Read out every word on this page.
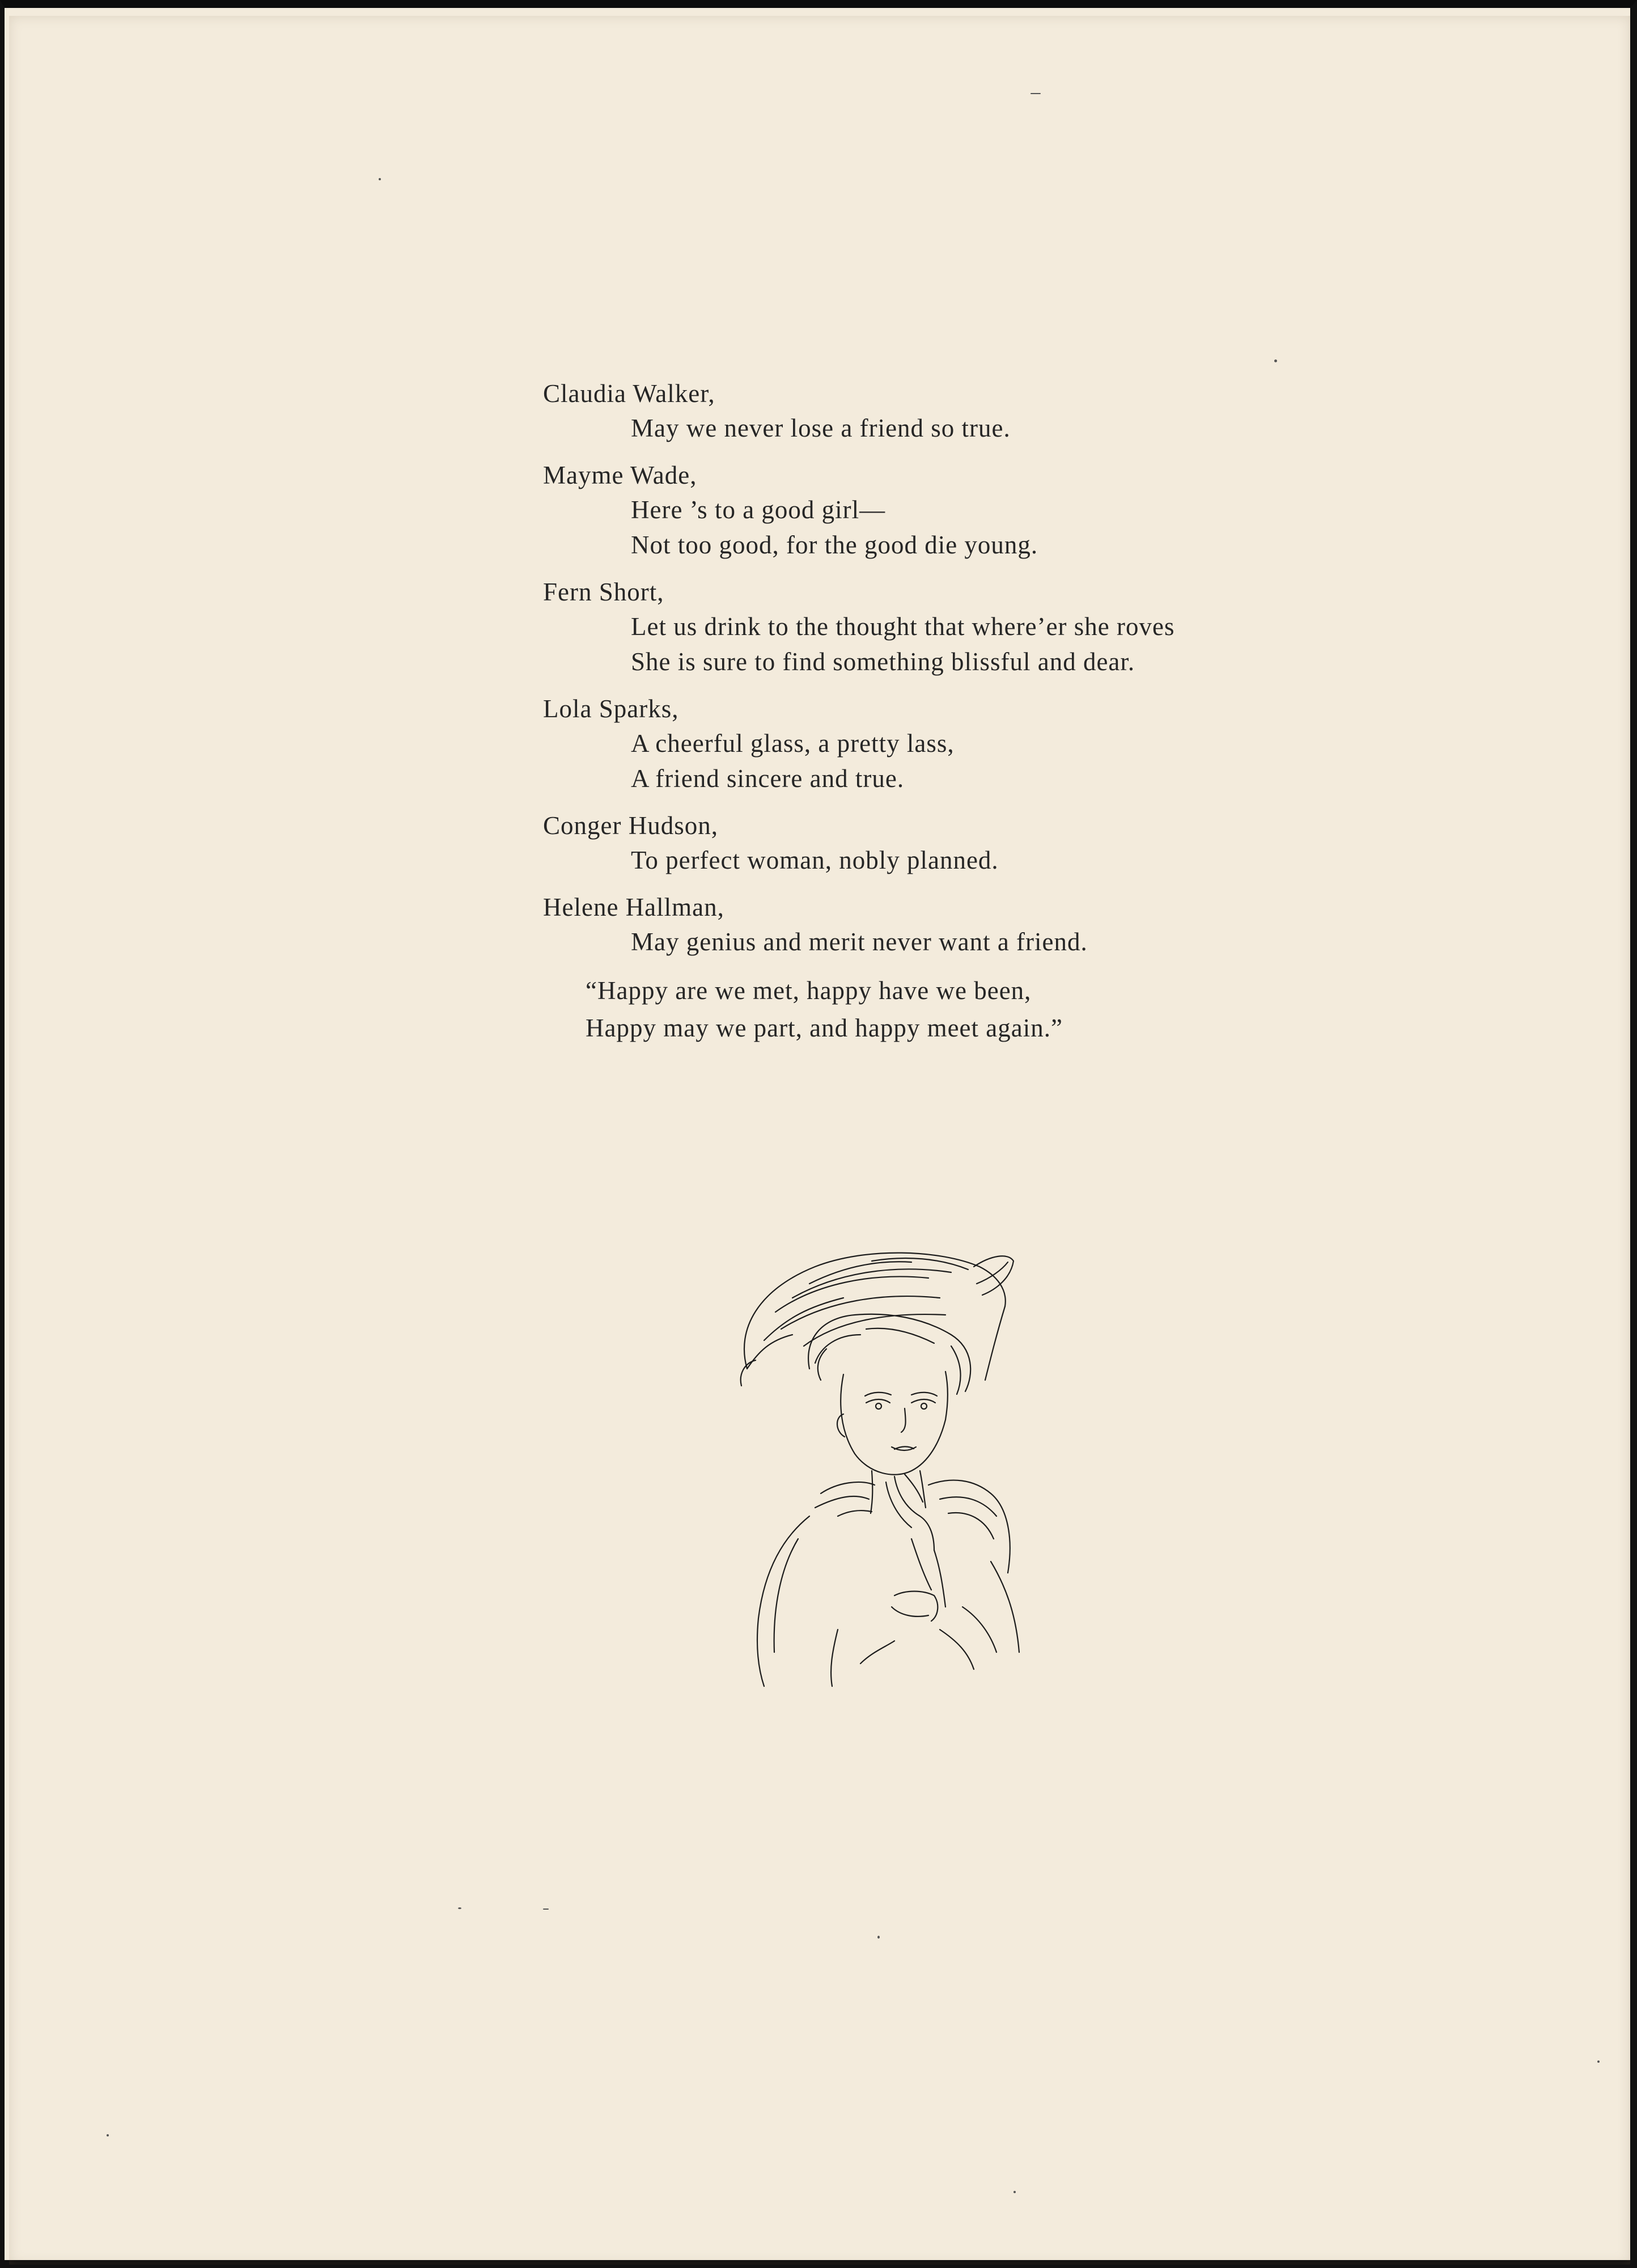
Claudia Walker,
May we never lose a friend so true.
Mayme Wade,
Here ’s to a good girl—
Not too good, for the good die young.
Fern Short,
Let us drink to the thought that where’er she roves
She is sure to find something blissful and dear.
Lola Sparks,
A cheerful glass, a pretty lass,
A friend sincere and true.
Conger Hudson,
To perfect woman, nobly planned.
Helene Hallman,
May genius and merit never want a friend.
“Happy are we met, happy have we been,
Happy may we part, and happy meet again.”
